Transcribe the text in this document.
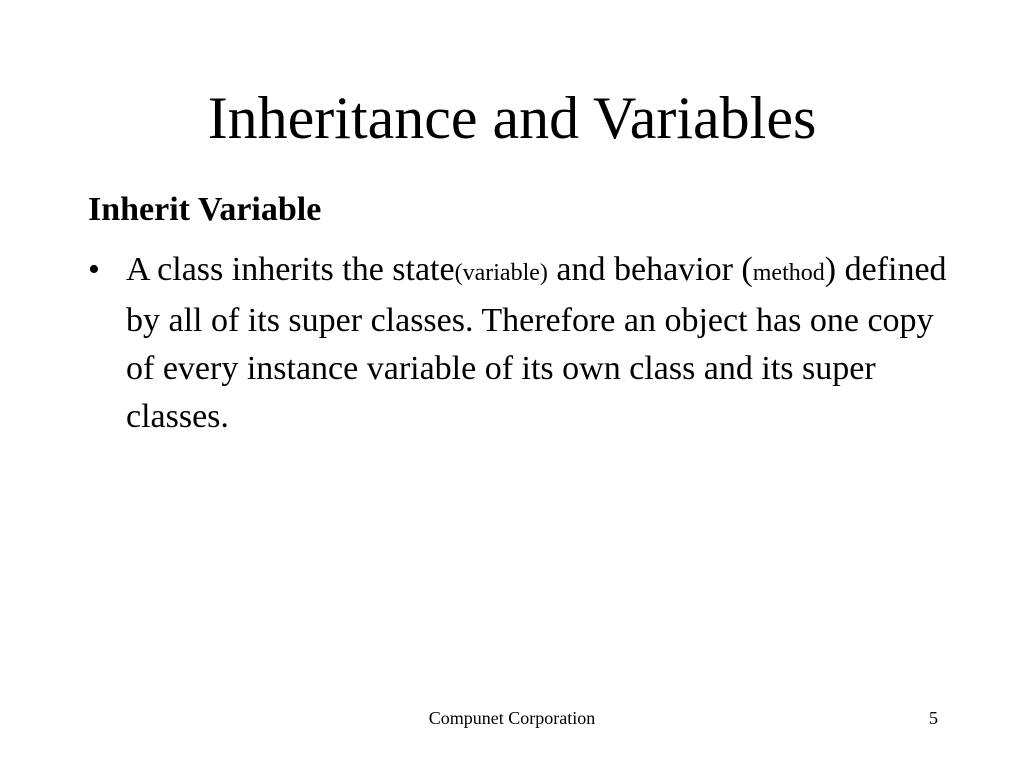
Inheritance and Variables
Inherit Variable
• A class inherits the state(variable) and behavior (method) defined by all of its super classes. Therefore an object has one copy of every instance variable of its own class and its super classes.
Compunet Corporation	5
